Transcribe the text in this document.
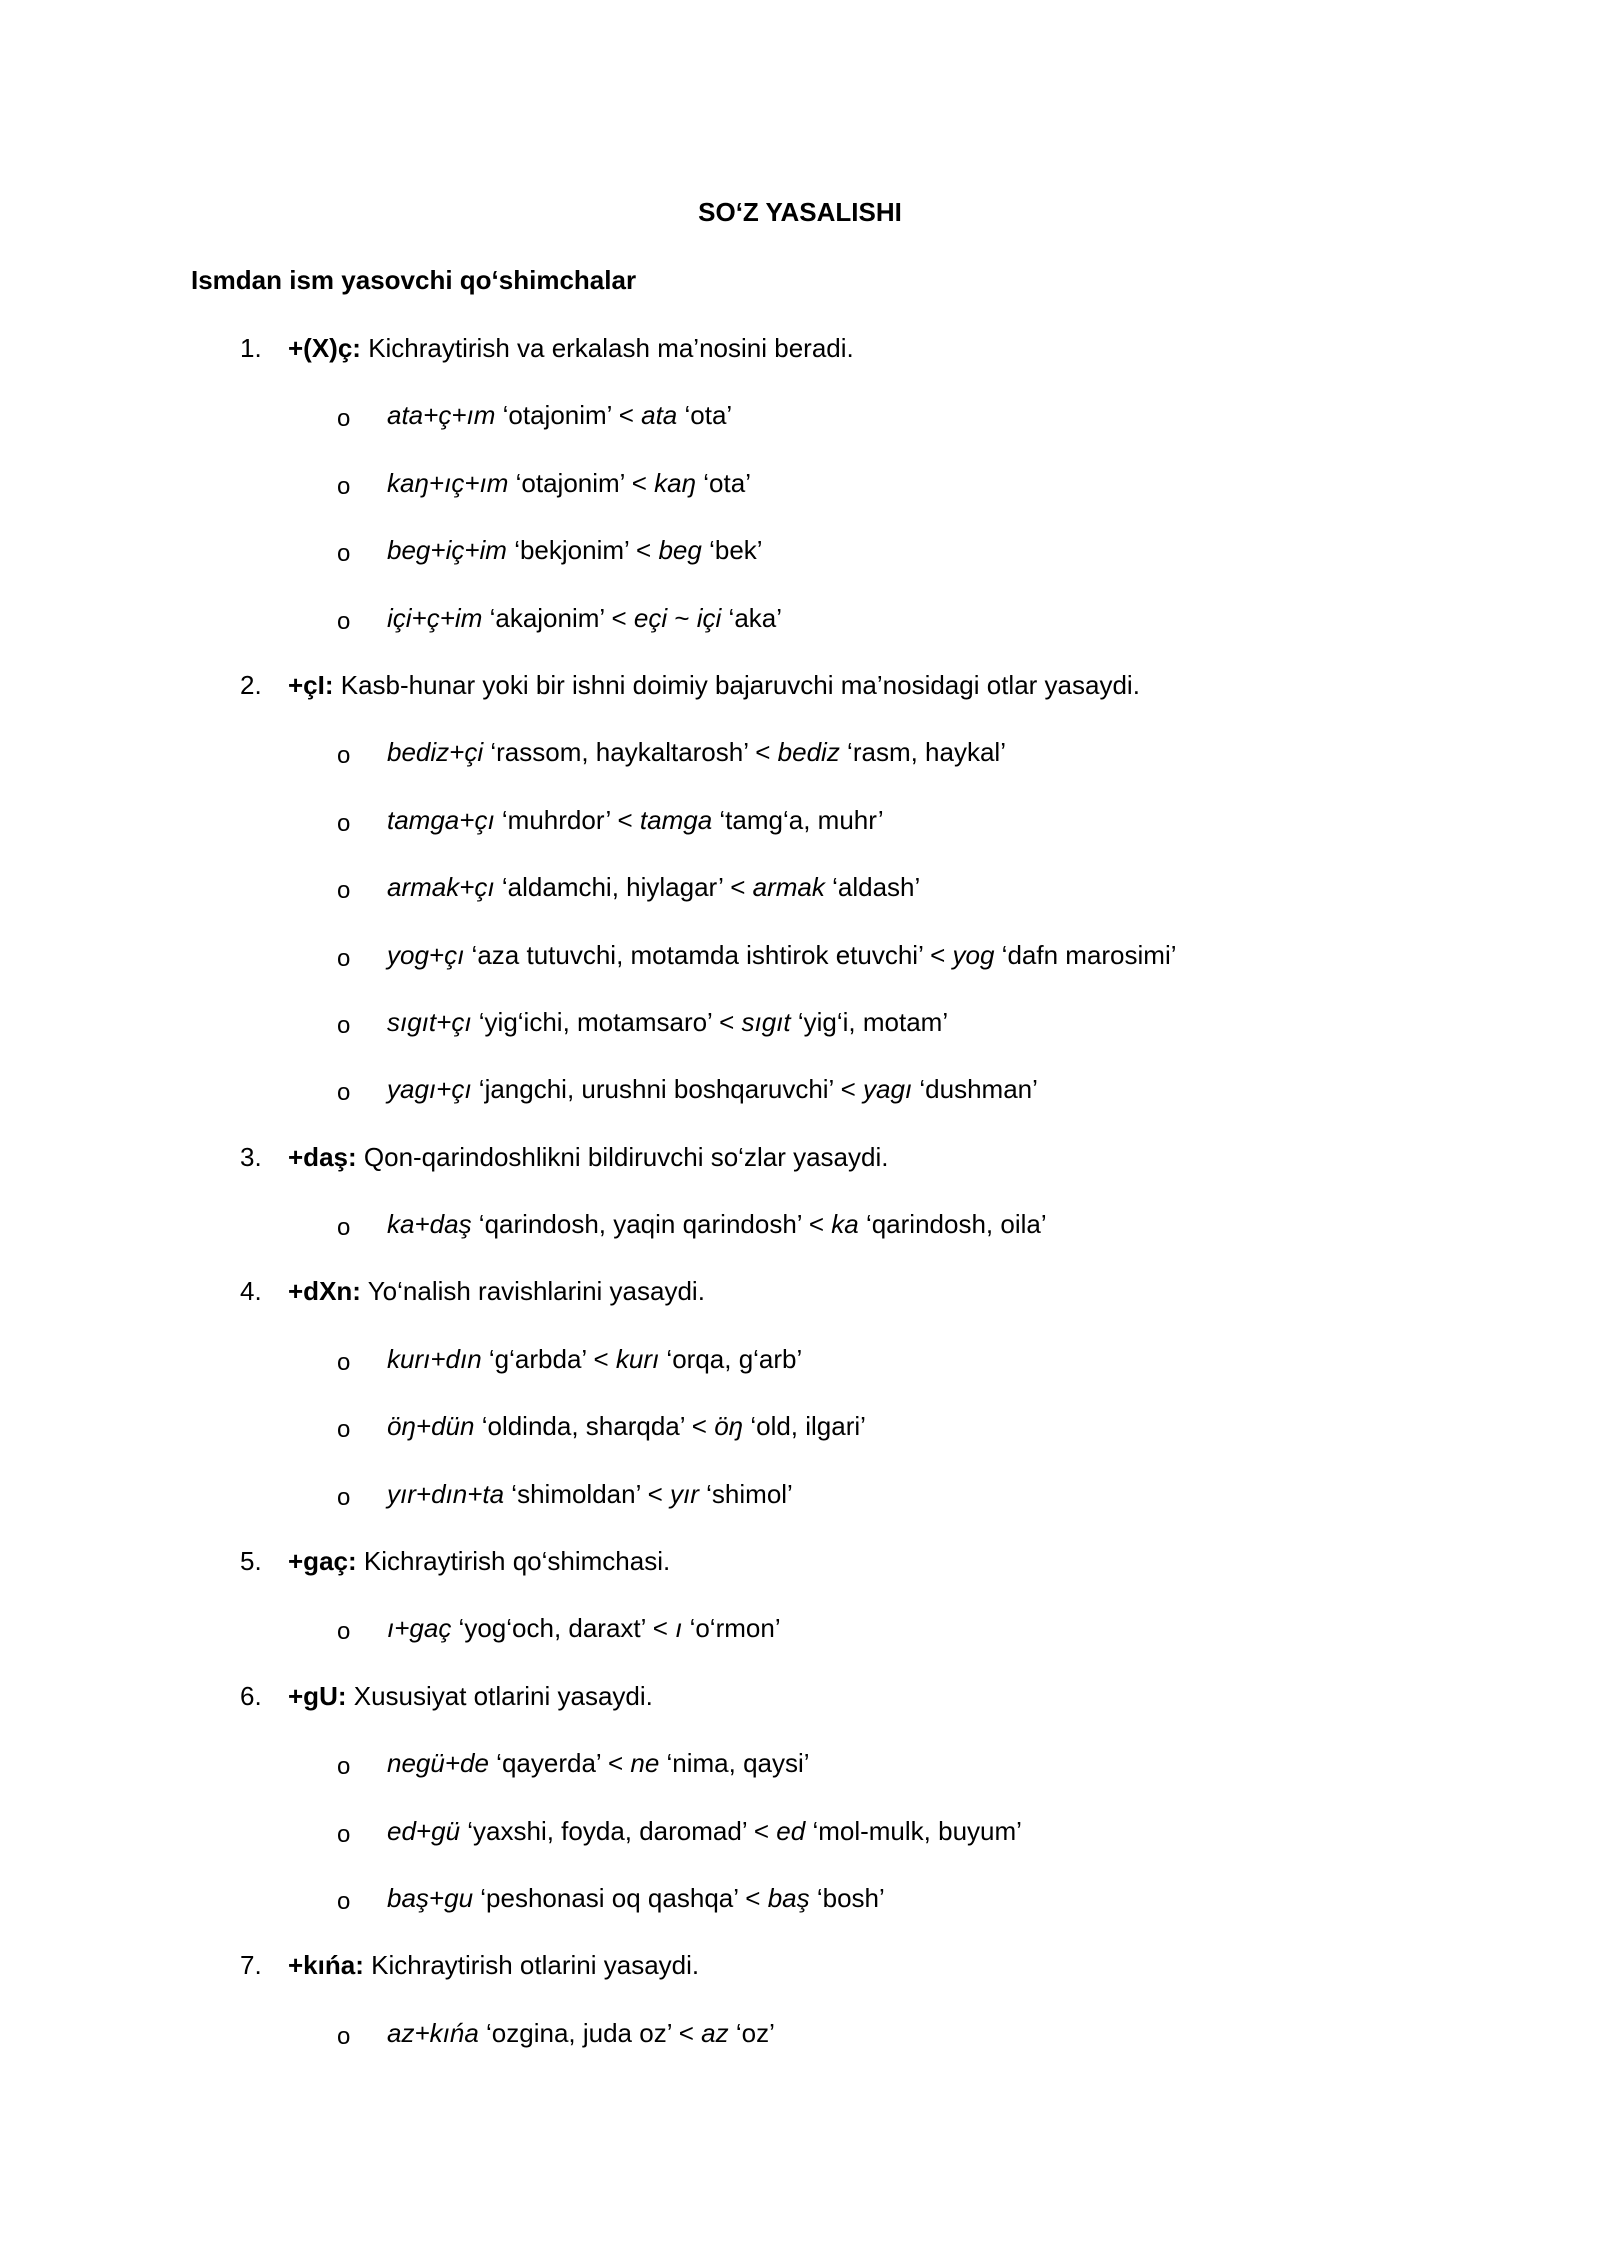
SO‘Z YASALISHI
Ismdan ism yasovchi qo‘shimchalar
1. +(X)ç: Kichraytirish va erkalash ma’nosini beradi.
o ata+ç+ım ‘otajonim’ < ata ‘ota’
o kaŋ+ıç+ım ‘otajonim’ < kaŋ ‘ota’
o beg+iç+im ‘bekjonim’ < beg ‘bek’
o içi+ç+im ‘akajonim’ < eçi ~ içi ‘aka’
2. +çI: Kasb-hunar yoki bir ishni doimiy bajaruvchi ma’nosidagi otlar yasaydi.
o bediz+çi ‘rassom, haykaltarosh’ < bediz ‘rasm, haykal’
o tamga+çı ‘muhrdor’ < tamga ‘tamg‘a, muhr’
o armak+çı ‘aldamchi, hiylagar’ < armak ‘aldash’
o yog+çı ‘aza tutuvchi, motamda ishtirok etuvchi’ < yog ‘dafn marosimi’
o sıgıt+çı ‘yig‘ichi, motamsaro’ < sıgıt ‘yig‘i, motam’
o yagı+çı ‘jangchi, urushni boshqaruvchi’ < yagı ‘dushman’
3. +daş: Qon-qarindoshlikni bildiruvchi so‘zlar yasaydi.
o ka+daş ‘qarindosh, yaqin qarindosh’ < ka ‘qarindosh, oila’
4. +dXn: Yo‘nalish ravishlarini yasaydi.
o kurı+dın ‘g‘arbda’ < kurı ‘orqa, g‘arb’
o öŋ+dün ‘oldinda, sharqda’ < öŋ ‘old, ilgari’
o yır+dın+ta ‘shimoldan’ < yır ‘shimol’
5. +gaç: Kichraytirish qo‘shimchasi.
o ı+gaç ‘yog‘och, daraxt’ < ı ‘o‘rmon’
6. +gU: Xususiyat otlarini yasaydi.
o negü+de ‘qayerda’ < ne ‘nima, qaysi’
o ed+gü ‘yaxshi, foyda, daromad’ < ed ‘mol-mulk, buyum’
o baş+gu ‘peshonasi oq qashqa’ < baş ‘bosh’
7. +kıńa: Kichraytirish otlarini yasaydi.
o az+kıńa ‘ozgina, juda oz’ < az ‘oz’
